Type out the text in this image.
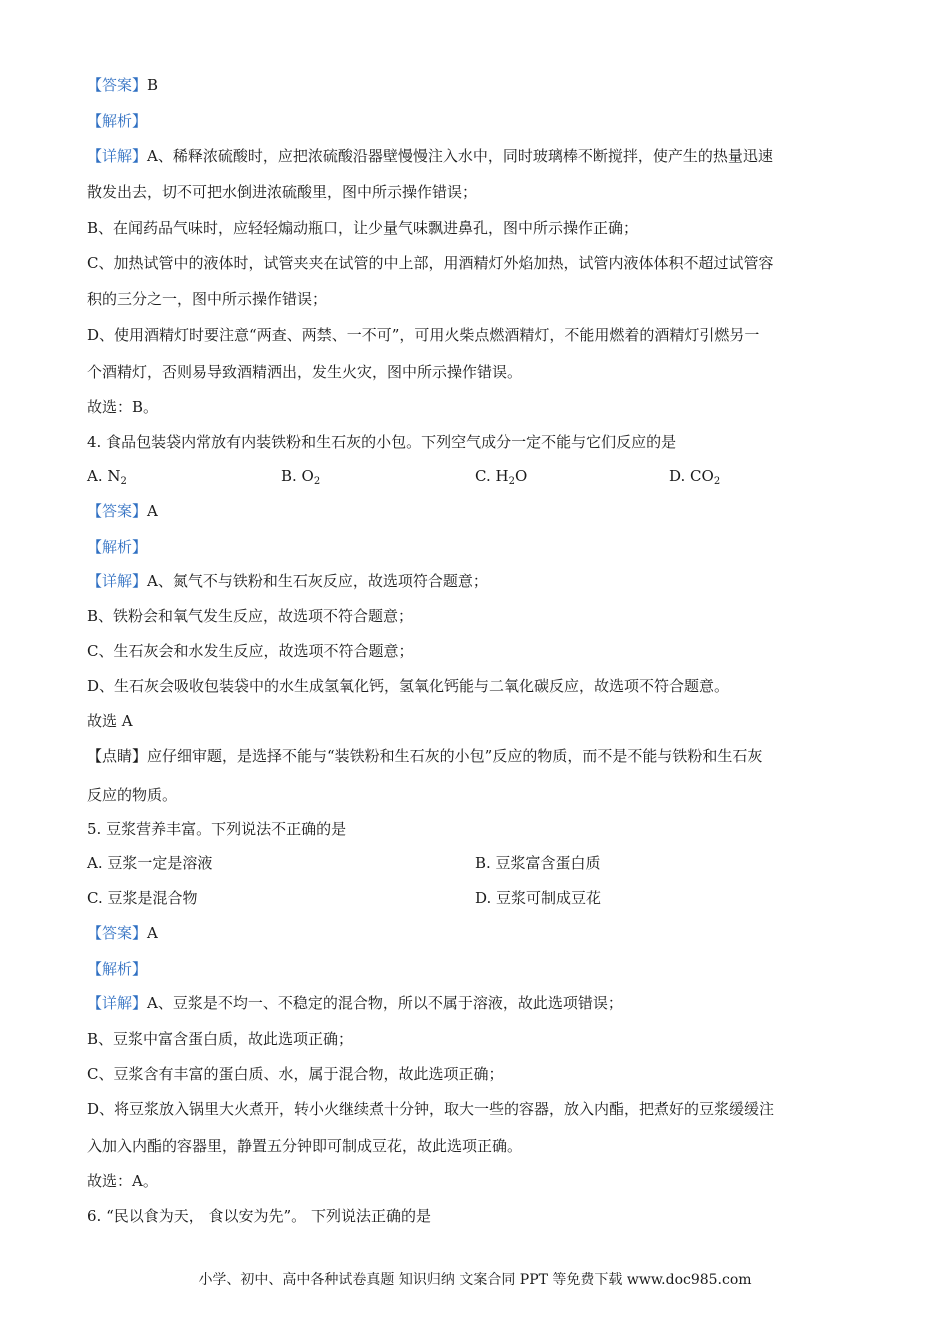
【答案】B
【解析】
【详解】A、稀释浓硫酸时，应把浓硫酸沿器壁慢慢注入水中，同时玻璃棒不断搅拌，使产生的热量迅速
散发出去，切不可把水倒进浓硫酸里，图中所示操作错误；
B、在闻药品气味时，应轻轻煽动瓶口，让少量气味飘进鼻孔，图中所示操作正确；
C、加热试管中的液体时，试管夹夹在试管的中上部，用酒精灯外焰加热，试管内液体体积不超过试管容
积的三分之一，图中所示操作错误；
D、使用酒精灯时要注意“两查、两禁、一不可”，可用火柴点燃酒精灯，不能用燃着的酒精灯引燃另一
个酒精灯，否则易导致酒精洒出，发生火灾，图中所示操作错误。
故选：B。
4. 食品包装袋内常放有内装铁粉和生石灰的小包。下列空气成分一定不能与它们反应的是
A. $N_2$	B. $O_2$	C. $H_2O$	D. $CO_2$
【答案】A
【解析】
【详解】A、氮气不与铁粉和生石灰反应，故选项符合题意；
B、铁粉会和氧气发生反应，故选项不符合题意；
C、生石灰会和水发生反应，故选项不符合题意；
D、生石灰会吸收包装袋中的水生成氢氧化钙，氢氧化钙能与二氧化碳反应，故选项不符合题意。
故选 A
【点睛】应仔细审题，是选择不能与“装铁粉和生石灰的小包”反应的物质，而不是不能与铁粉和生石灰
反应的物质。
5. 豆浆营养丰富。下列说法不正确的是
A. 豆浆一定是溶液	B. 豆浆富含蛋白质
C. 豆浆是混合物	D. 豆浆可制成豆花
【答案】A
【解析】
【详解】A、豆浆是不均一、不稳定的混合物，所以不属于溶液，故此选项错误；
B、豆浆中富含蛋白质，故此选项正确；
C、豆浆含有丰富的蛋白质、水，属于混合物，故此选项正确；
D、将豆浆放入锅里大火煮开，转小火继续煮十分钟，取大一些的容器，放入内酯，把煮好的豆浆缓缓注
入加入内酯的容器里，静置五分钟即可制成豆花，故此选项正确。
故选：A。
6. “民以食为天， 食以安为先”。 下列说法正确的是
小学、初中、高中各种试卷真题 知识归纳 文案合同 PPT 等免费下载 www.doc985.com
